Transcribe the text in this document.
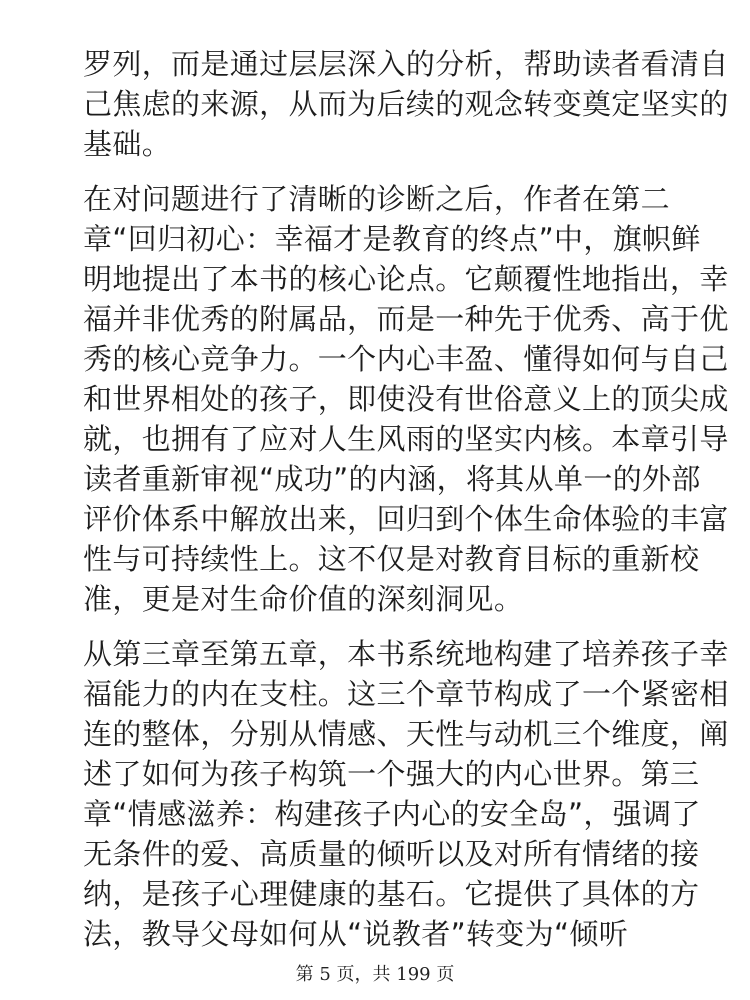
罗列，而是通过层层深入的分析，帮助读者看清自
己焦虑的来源，从而为后续的观念转变奠定坚实的
基础。
在对问题进行了清晰的诊断之后，作者在第二
章“回归初心：幸福才是教育的终点”中，旗帜鲜
明地提出了本书的核心论点。它颠覆性地指出，幸
福并非优秀的附属品，而是一种先于优秀、高于优
秀的核心竞争力。一个内心丰盈、懂得如何与自己
和世界相处的孩子，即使没有世俗意义上的顶尖成
就，也拥有了应对人生风雨的坚实内核。本章引导
读者重新审视“成功”的内涵，将其从单一的外部
评价体系中解放出来，回归到个体生命体验的丰富
性与可持续性上。这不仅是对教育目标的重新校
准，更是对生命价值的深刻洞见。
从第三章至第五章，本书系统地构建了培养孩子幸
福能力的内在支柱。这三个章节构成了一个紧密相
连的整体，分别从情感、天性与动机三个维度，阐
述了如何为孩子构筑一个强大的内心世界。第三
章“情感滋养：构建孩子内心的安全岛”，强调了
无条件的爱、高质量的倾听以及对所有情绪的接
纳，是孩子心理健康的基石。它提供了具体的方
法，教导父母如何从“说教者”转变为“倾听
第 5 页，共 199 页
